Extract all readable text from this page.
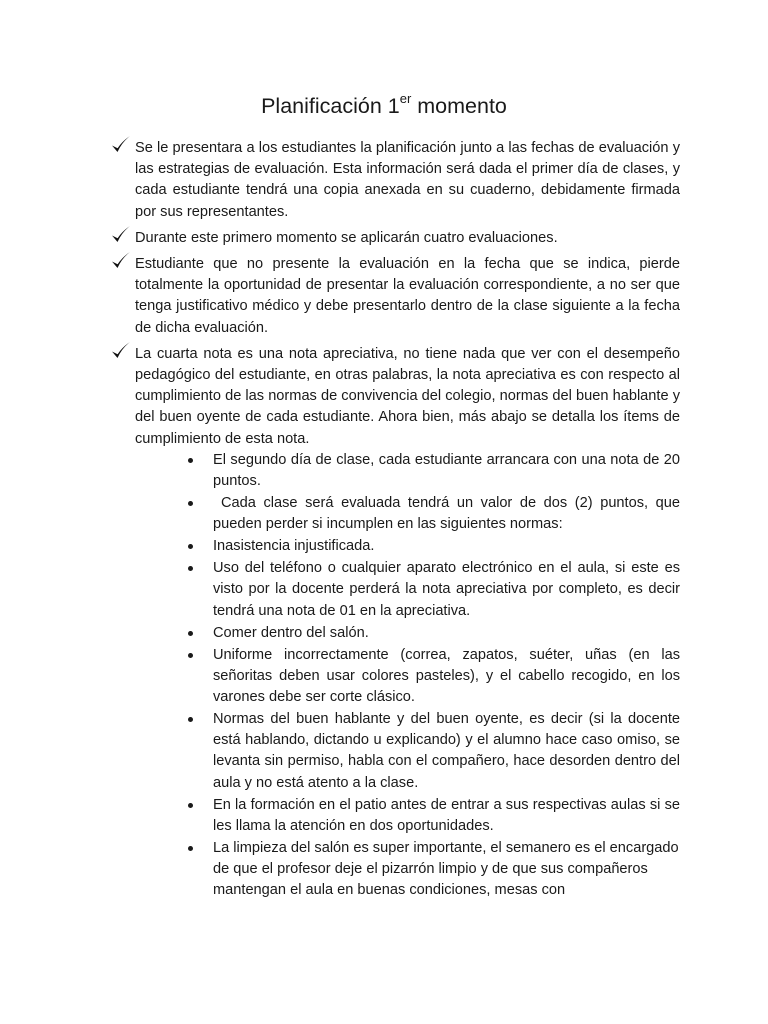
Planificación 1er momento

Se le presentara a los estudiantes la planificación junto a las fechas de evaluación y las estrategias de evaluación. Esta información será dada el primer día de clases, y cada estudiante tendrá una copia anexada en su cuaderno, debidamente firmada por sus representantes.

Durante este primero momento se aplicarán cuatro evaluaciones.

Estudiante que no presente la evaluación en la fecha que se indica, pierde totalmente la oportunidad de presentar la evaluación correspondiente, a no ser que tenga justificativo médico y debe presentarlo dentro de la clase siguiente a la fecha de dicha evaluación.

La cuarta nota es una nota apreciativa, no tiene nada que ver con el desempeño pedagógico del estudiante, en otras palabras, la nota apreciativa es con respecto al cumplimiento de las normas de convivencia del colegio, normas del buen hablante y del buen oyente de cada estudiante. Ahora bien, más abajo se detalla los ítems de cumplimiento de esta nota.

El segundo día de clase, cada estudiante arrancara con una nota de 20 puntos.
Cada clase será evaluada tendrá un valor de dos (2) puntos, que pueden perder si incumplen en las siguientes normas:
Inasistencia injustificada.
Uso del teléfono o cualquier aparato electrónico en el aula, si este es visto por la docente perderá la nota apreciativa por completo, es decir tendrá una nota de 01 en la apreciativa.
Comer dentro del salón.
Uniforme incorrectamente (correa, zapatos, suéter, uñas (en las señoritas deben usar colores pasteles), y el cabello recogido, en los varones debe ser corte clásico.
Normas del buen hablante y del buen oyente, es decir (si la docente está hablando, dictando u explicando) y el alumno hace caso omiso, se levanta sin permiso, habla con el compañero, hace desorden dentro del aula y no está atento a la clase.
En la formación en el patio antes de entrar a sus respectivas aulas si se les llama la atención en dos oportunidades.
La limpieza del salón es super importante, el semanero es el encargado de que el profesor deje el pizarrón limpio y de que sus compañeros mantengan el aula en buenas condiciones, mesas con
